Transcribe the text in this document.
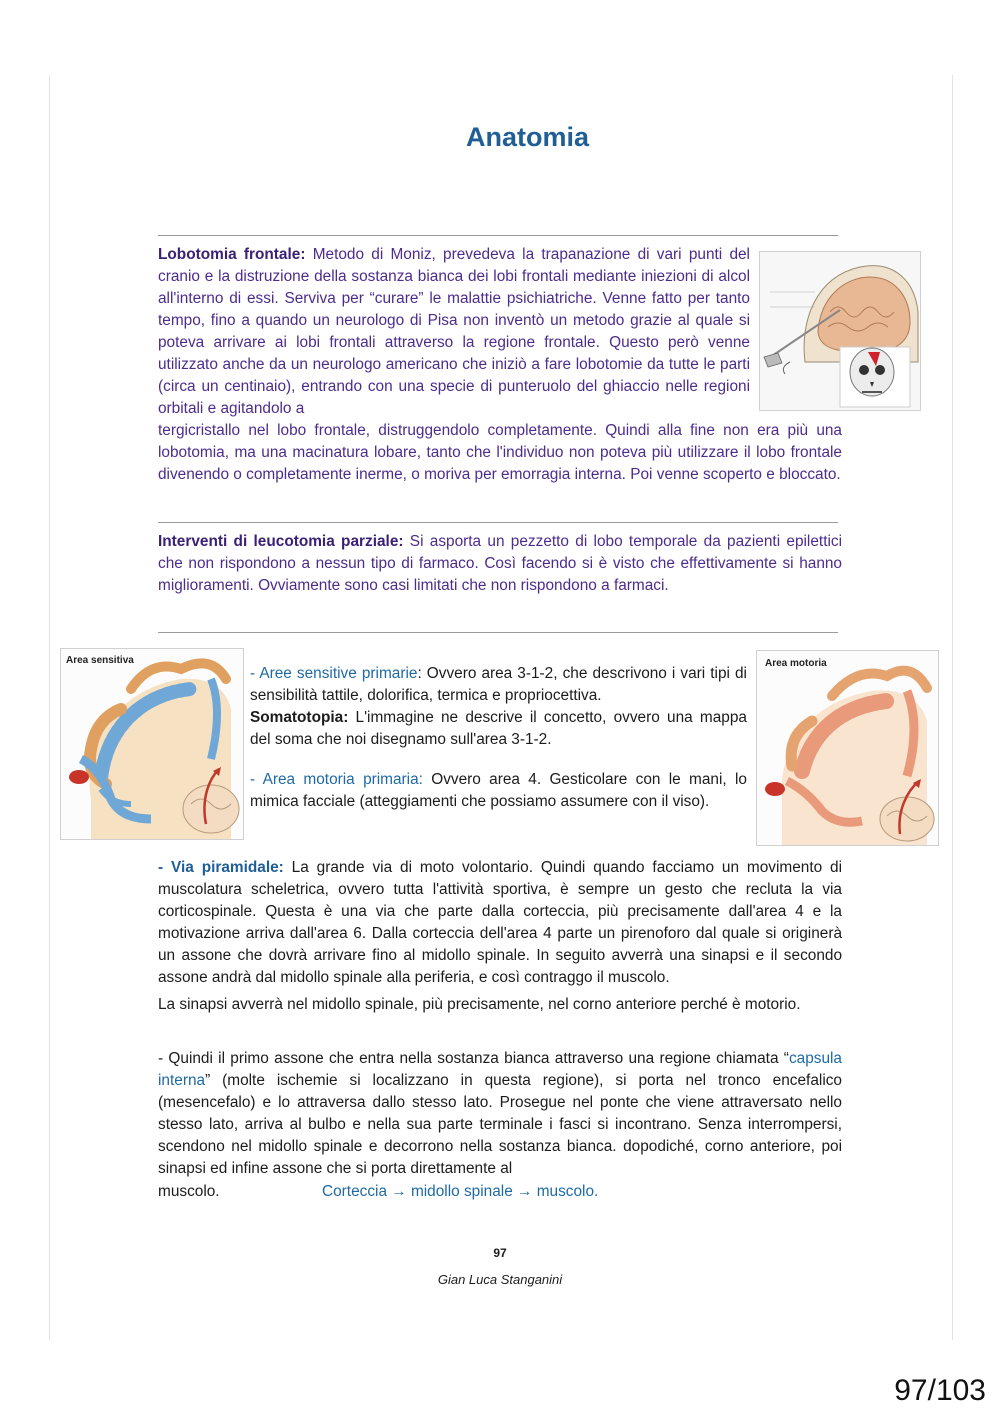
Anatomia

Lobotomia frontale: Metodo di Moniz, prevedeva la trapanazione di vari punti del cranio e la distruzione della sostanza bianca dei lobi frontali mediante iniezioni di alcol all'interno di essi. Serviva per “curare” le malattie psichiatriche. Venne fatto per tanto tempo, fino a quando un neurologo di Pisa non inventò un metodo grazie al quale si poteva arrivare ai lobi frontali attraverso la regione frontale. Questo però venne utilizzato anche da un neurologo americano che iniziò a fare lobotomie da tutte le parti (circa un centinaio), entrando con una specie di punteruolo del ghiaccio nelle regioni orbitali e agitandolo a

tergicristallo nel lobo frontale, distruggendolo completamente. Quindi alla fine non era più una lobotomia, ma una macinatura lobare, tanto che l'individuo non poteva più utilizzare il lobo frontale divenendo o completamente inerme, o moriva per emorragia interna. Poi venne scoperto e bloccato.

Interventi di leucotomia parziale: Si asporta un pezzetto di lobo temporale da pazienti epilettici che non rispondono a nessun tipo di farmaco. Così facendo si è visto che effettivamente si hanno miglioramenti. Ovviamente sono casi limitati che non rispondono a farmaci.

Area sensitiva

- Aree sensitive primarie: Ovvero area 3-1-2, che descrivono i vari tipi di sensibilità tattile, dolorifica, termica e propriocettiva.

Somatotopia: L'immagine ne descrive il concetto, ovvero una mappa del soma che noi disegnamo sull'area 3-1-2.

- Area motoria primaria: Ovvero area 4. Gesticolare con le mani, lo mimica facciale (atteggiamenti che possiamo assumere con il viso).

Area motoria

- Via piramidale: La grande via di moto volontario. Quindi quando facciamo un movimento di muscolatura scheletrica, ovvero tutta l'attività sportiva, è sempre un gesto che recluta la via corticospinale. Questa è una via che parte dalla corteccia, più precisamente dall'area 4 e la motivazione arriva dall'area 6. Dalla corteccia dell'area 4 parte un pirenoforo dal quale si originerà un assone che dovrà arrivare fino al midollo spinale. In seguito avverrà una sinapsi e il secondo assone andrà dal midollo spinale alla periferia, e così contraggo il muscolo.

La sinapsi avverrà nel midollo spinale, più precisamente, nel corno anteriore perché è motorio.

- Quindi il primo assone che entra nella sostanza bianca attraverso una regione chiamata “capsula interna” (molte ischemie si localizzano in questa regione), si porta nel tronco encefalico (mesencefalo) e lo attraversa dallo stesso lato. Prosegue nel ponte che viene attraversato nello stesso lato, arriva al bulbo e nella sua parte terminale i fasci si incontrano. Senza interrompersi, scendono nel midollo spinale e decorrono nella sostanza bianca. dopodiché, corno anteriore, poi sinapsi ed infine assone che si porta direttamente al

muscolo.	Corteccia → midollo spinale → muscolo.
97
Gian Luca Stanganini
97/103
